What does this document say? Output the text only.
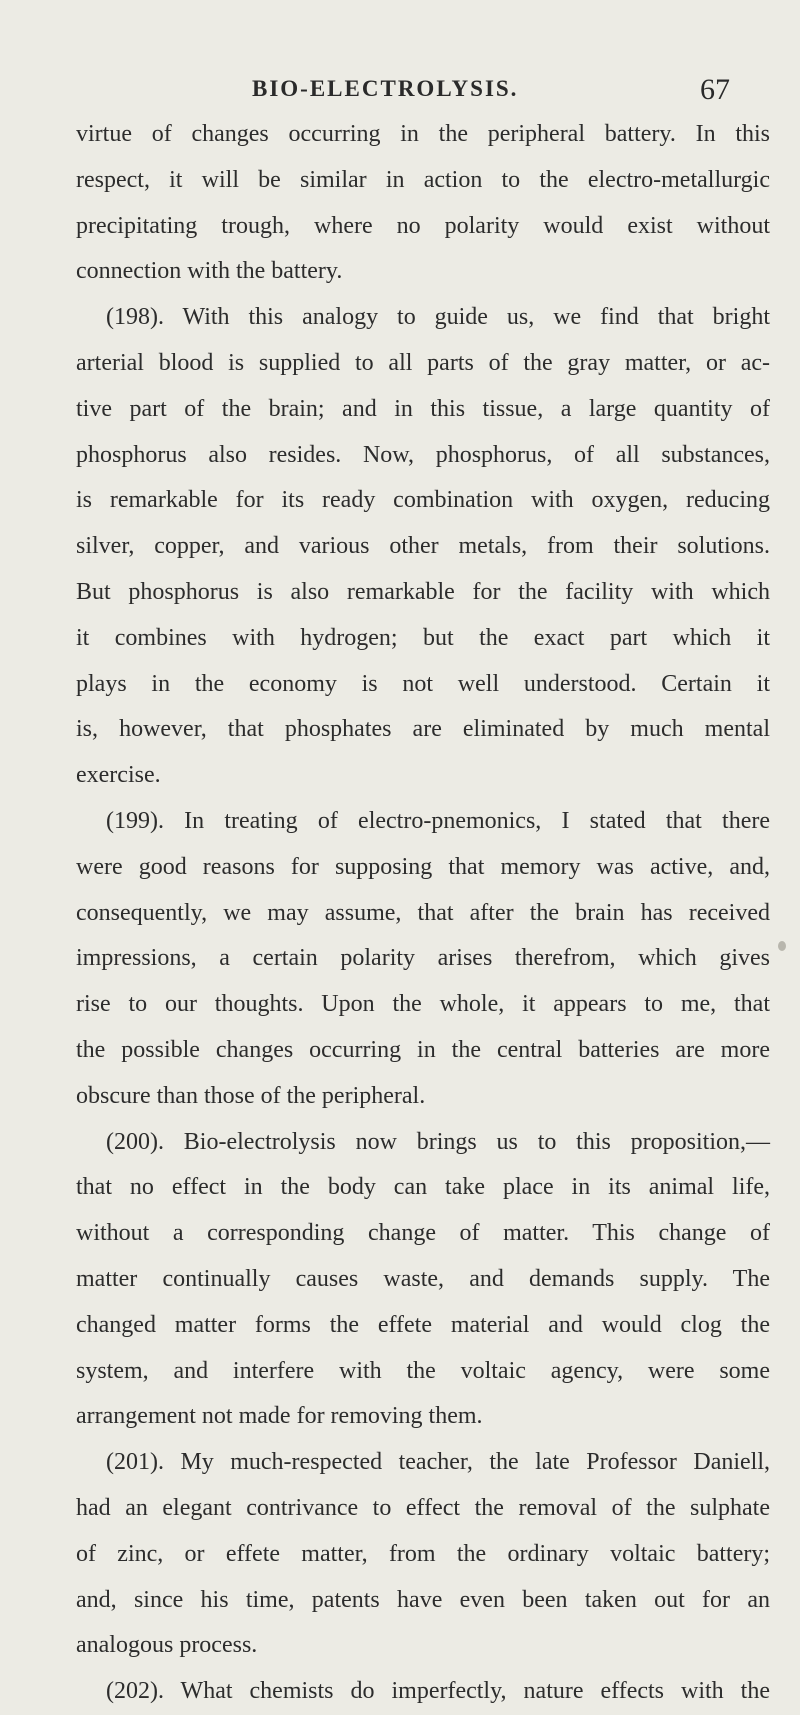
BIO-ELECTROLYSIS.	67
virtue of changes occurring in the peripheral battery. In this
respect, it will be similar in action to the electro-metallurgic
precipitating trough, where no polarity would exist without
connection with the battery.
(198). With this analogy to guide us, we find that bright
arterial blood is supplied to all parts of the gray matter, or ac-
tive part of the brain; and in this tissue, a large quantity of
phosphorus also resides. Now, phosphorus, of all substances,
is remarkable for its ready combination with oxygen, reducing
silver, copper, and various other metals, from their solutions.
But phosphorus is also remarkable for the facility with which
it combines with hydrogen; but the exact part which it
plays in the economy is not well understood. Certain it
is, however, that phosphates are eliminated by much mental
exercise.
(199). In treating of electro-pnemonics, I stated that there
were good reasons for supposing that memory was active, and,
consequently, we may assume, that after the brain has received
impressions, a certain polarity arises therefrom, which gives
rise to our thoughts. Upon the whole, it appears to me, that
the possible changes occurring in the central batteries are more
obscure than those of the peripheral.
(200). Bio-electrolysis now brings us to this proposition,—
that no effect in the body can take place in its animal life,
without a corresponding change of matter. This change of
matter continually causes waste, and demands supply. The
changed matter forms the effete material and would clog the
system, and interfere with the voltaic agency, were some
arrangement not made for removing them.
(201). My much-respected teacher, the late Professor Daniell,
had an elegant contrivance to effect the removal of the sulphate
of zinc, or effete matter, from the ordinary voltaic battery;
and, since his time, patents have even been taken out for an
analogous process.
(202). What chemists do imperfectly, nature effects with the
